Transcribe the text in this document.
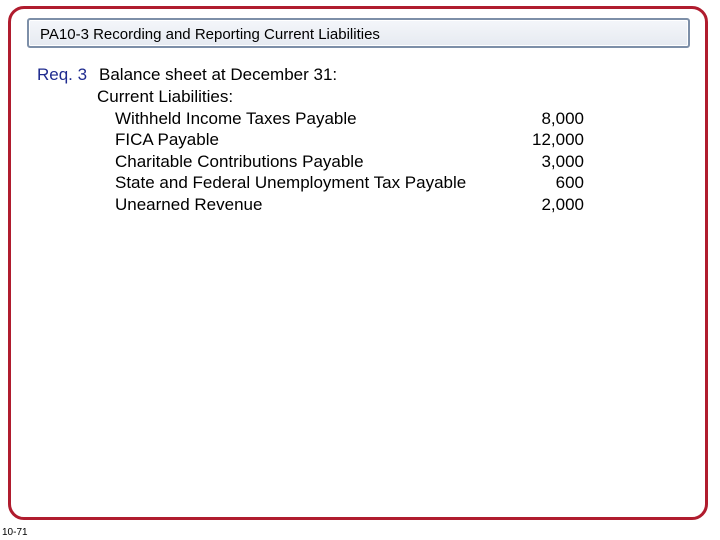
PA10-3 Recording and Reporting Current Liabilities
Req. 3 Balance sheet at December 31:
Current Liabilities:
Withheld Income Taxes Payable	8,000
FICA Payable	12,000
Charitable Contributions Payable	3,000
State and Federal Unemployment Tax Payable	600
Unearned Revenue	2,000
10-71
